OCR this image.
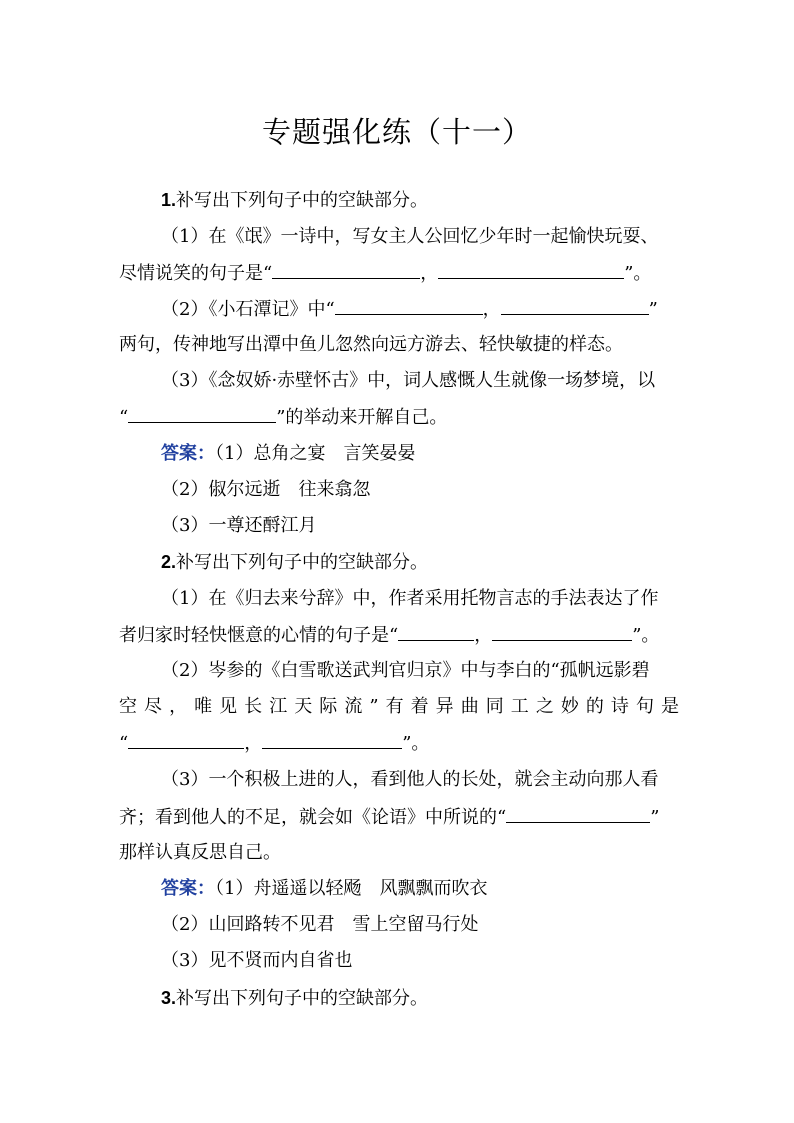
专题强化练（十一）
1.补写出下列句子中的空缺部分。
（1）在《氓》一诗中，写女主人公回忆少年时一起愉快玩耍、
尽情说笑的句子是“	，	”。
（2）《小石潭记》中“	，	”
两句，传神地写出潭中鱼儿忽然向远方游去、轻快敏捷的样态。
（3）《念奴娇·赤壁怀古》中，词人感慨人生就像一场梦境，以
“	”的举动来开解自己。
答案：（1）总角之宴　言笑晏晏
（2）俶尔远逝　往来翕忽
（3）一尊还酹江月
2.补写出下列句子中的空缺部分。
（1）在《归去来兮辞》中，作者采用托物言志的手法表达了作
者归家时轻快惬意的心情的句子是“	，	”。
（2）岑参的《白雪歌送武判官归京》中与李白的“孤帆远影碧
空尽，唯见长江天际流”有着异曲同工之妙的诗句是
“	，	”。
（3）一个积极上进的人，看到他人的长处，就会主动向那人看
齐；看到他人的不足，就会如《论语》中所说的“	”
那样认真反思自己。
答案：（1）舟遥遥以轻飏　风飘飘而吹衣
（2）山回路转不见君　雪上空留马行处
（3）见不贤而内自省也
3.补写出下列句子中的空缺部分。
